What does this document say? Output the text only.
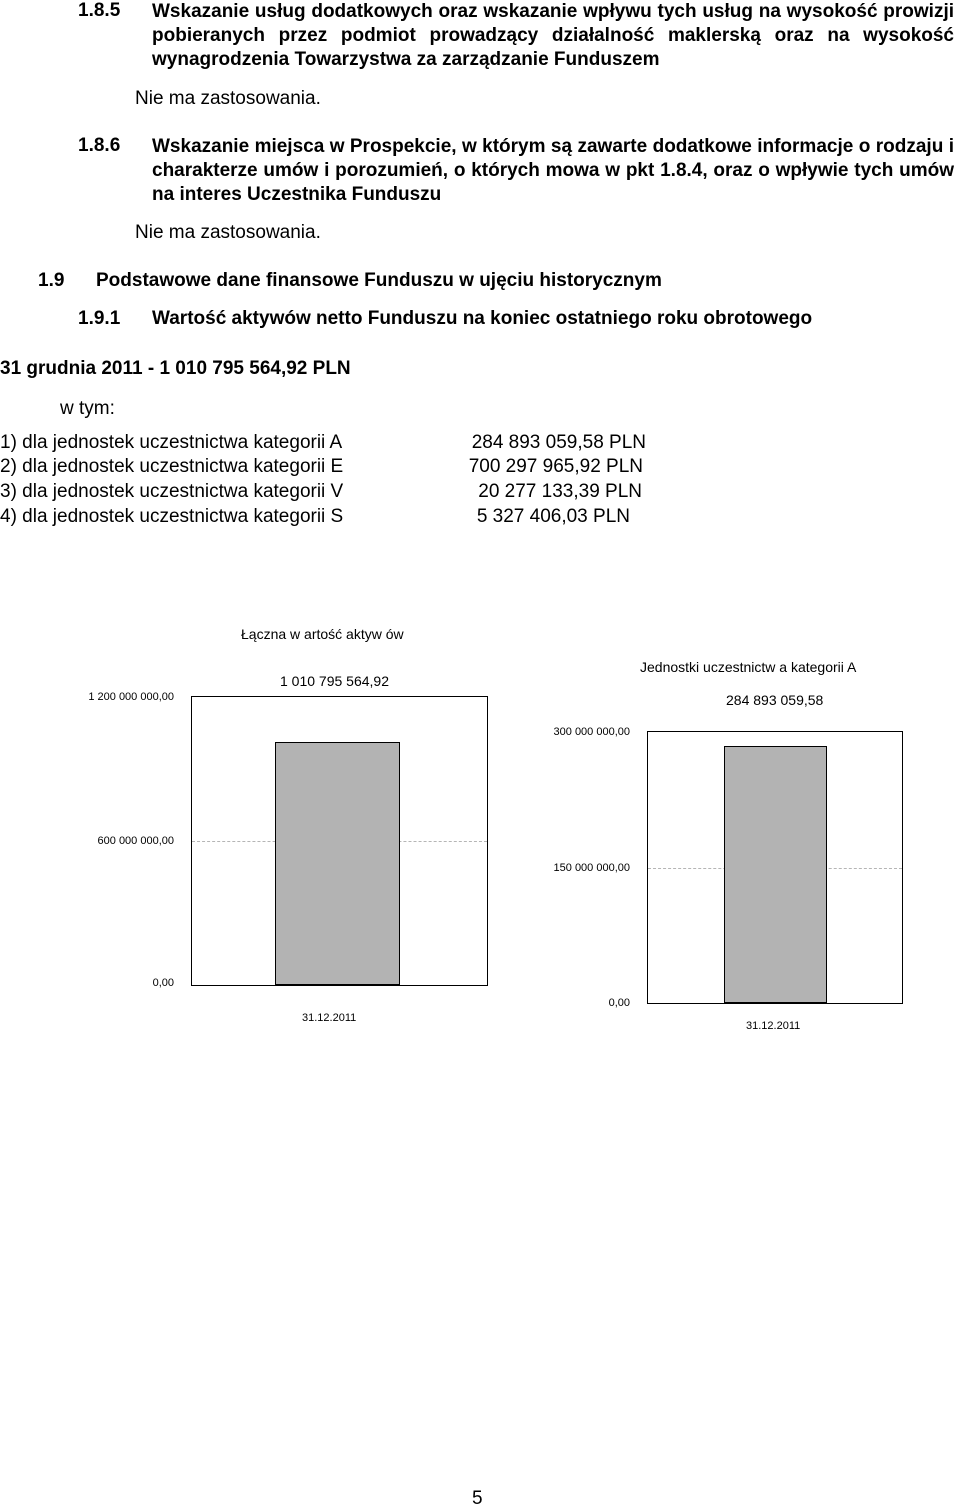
1.8.5 Wskazanie usług dodatkowych oraz wskazanie wpływu tych usług na wysokość prowizji pobieranych przez podmiot prowadzący działalność maklerską oraz na wysokość wynagrodzenia Towarzystwa za zarządzanie Funduszem
Nie ma zastosowania.
1.8.6 Wskazanie miejsca w Prospekcie, w którym są zawarte dodatkowe informacje o rodzaju i charakterze umów i porozumień, o których mowa w pkt 1.8.4, oraz o wpływie tych umów na interes Uczestnika Funduszu
Nie ma zastosowania.
1.9 Podstawowe dane finansowe Funduszu w ujęciu historycznym
1.9.1 Wartość aktywów netto Funduszu na koniec ostatniego roku obrotowego
31 grudnia 2011 - 1 010 795 564,92 PLN
w tym:
1) dla jednostek uczestnictwa kategorii A	284 893 059,58 PLN
2) dla jednostek uczestnictwa kategorii E	700 297 965,92 PLN
3) dla jednostek uczestnictwa kategorii V	20 277 133,39 PLN
4) dla jednostek uczestnictwa kategorii S	5 327 406,03 PLN
Łączna w artość aktyw ów
1 010 795 564,92
1 200 000 000,00
600 000 000,00
0,00
31.12.2011
Jednostki uczestnictw a kategorii A
284 893 059,58
300 000 000,00
150 000 000,00
0,00
31.12.2011
5
